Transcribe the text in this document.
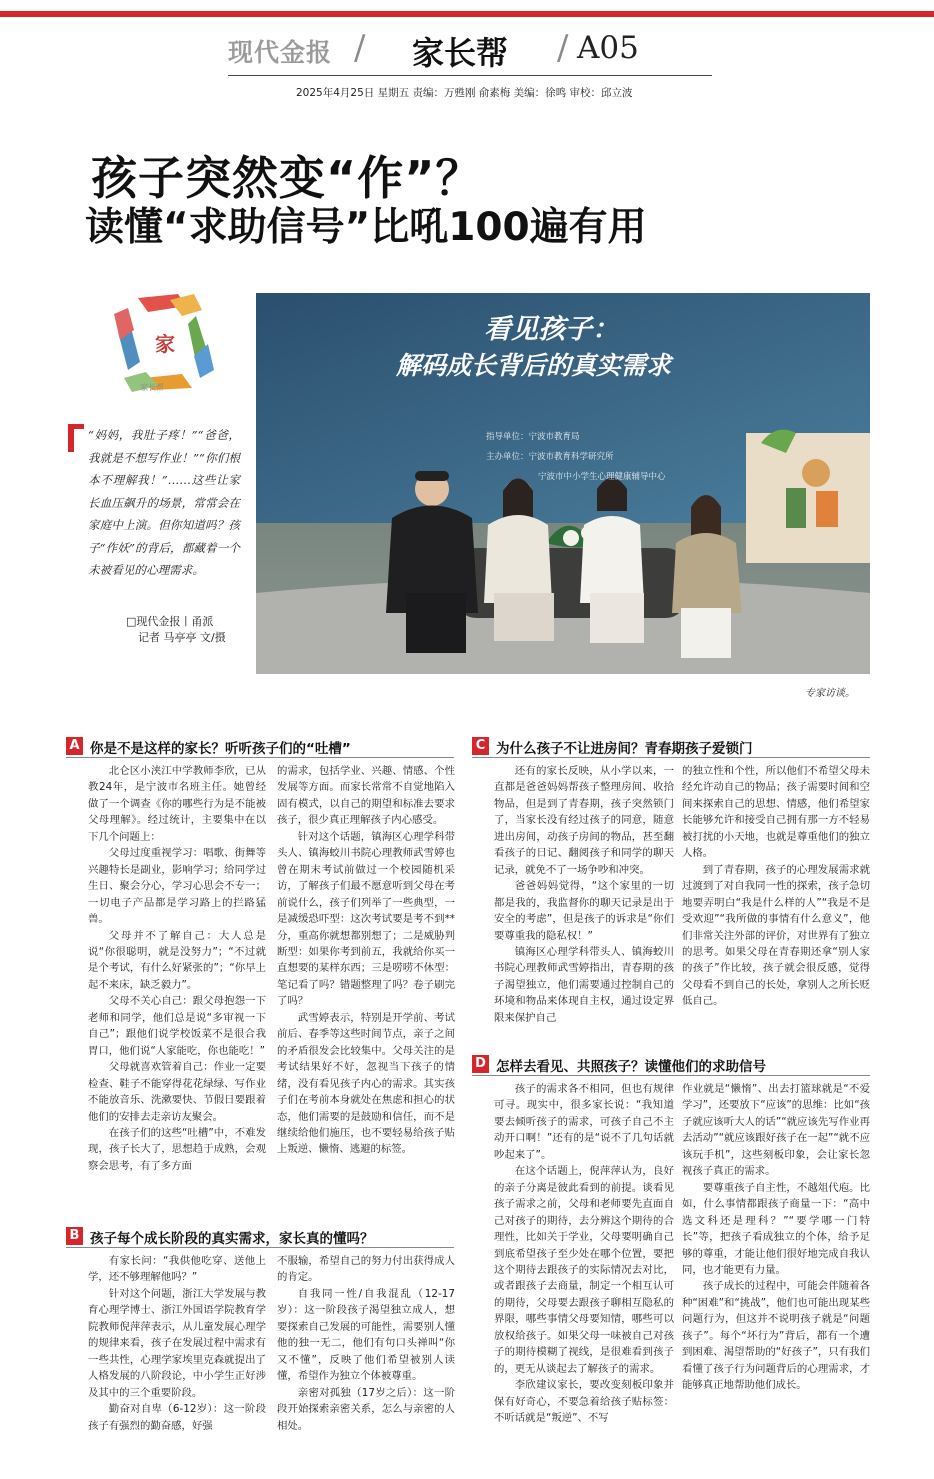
现代金报 / 家长帮 / A05
2025年4月25日 星期五 责编：万甦刚 俞素梅 美编：徐鸣 审校：邱立波
孩子突然变“作”？
读懂“求助信号”比吼100遍有用
家
家长帮
“妈妈，我肚子疼！”“爸爸，我就是不想写作业！”“你们根本不理解我！”……这些让家长血压飙升的场景，常常会在家庭中上演。但你知道吗？孩子“作妖”的背后，都藏着一个未被看见的心理需求。
□现代金报丨甬派
记者 马亭亭 文/摄
看见孩子：
解码成长背后的真实需求
指导单位：宁波市教育局
主办单位：宁波市教育科学研究所
宁波市中小学生心理健康辅导中心
专家访谈。
A 你是不是这样的家长？听听孩子们的“吐槽”

北仑区小浃江中学教师李欣，已从教24年，是宁波市名班主任。她曾经做了一个调查《你的哪些行为是不能被父母理解》。经过统计，主要集中在以下几个问题上：

父母过度重视学习：唱歌、街舞等兴趣特长是副业，影响学习；给同学过生日、聚会分心，学习心思会不专一；一切电子产品都是学习路上的拦路猛兽。

父母并不了解自己：大人总是说“你很聪明，就是没努力”；“不过就是个考试，有什么好紧张的”；“你早上起不来床，缺乏毅力”。

父母不关心自己：跟父母抱怨一下老师和同学，他们总是说“多审视一下自己”；跟他们说学校饭菜不是很合我胃口，他们说“人家能吃，你也能吃！”

父母就喜欢管着自己：作业一定要检查、鞋子不能穿得花花绿绿、写作业不能放音乐、洗漱要快、节假日要跟着他们的安排去走亲访友聚会。

在孩子们的这些“吐槽”中，不难发现，孩子长大了，思想趋于成熟，会观察会思考，有了多方面

的需求，包括学业、兴趣、情感、个性发展等方面。而家长常常不自觉地陷入固有模式，以自己的期望和标准去要求孩子，很少真正理解孩子内心感受。

针对这个话题，镇海区心理学科带头人、镇海蛟川书院心理教师武雪婷也曾在期末考试前做过一个校园随机采访，了解孩子们最不愿意听到父母在考前说什么，孩子们列举了一些典型，一是减缓恐吓型：这次考试要是考不到**分，重高你就想都别想了；二是威胁判断型：如果你考到前五，我就给你买一直想要的某样东西；三是唠唠不休型：笔记看了吗？错题整理了吗？卷子刷完了吗？

武雪婷表示，特别是开学前、考试前后、春季等这些时间节点，亲子之间的矛盾很发会比较集中。父母关注的是考试结果好不好，忽视当下孩子的情绪，没有看见孩子内心的需求。其实孩子们在考前本身就处在焦虑和担心的状态，他们需要的是鼓励和信任，而不是继续给他们施压，也不要轻易给孩子贴上叛逆、懒惰、逃避的标签。

B 孩子每个成长阶段的真实需求，家长真的懂吗？

有家长问：“我供他吃穿、送他上学，还不够理解他吗？”

针对这个问题，浙江大学发展与教育心理学博士、浙江外国语学院教育学院教师倪萍萍表示，从儿童发展心理学的规律来看，孩子在发展过程中需求有一些共性，心理学家埃里克森就提出了人格发展的八阶段论，中小学生正好涉及其中的三个重要阶段。

勤奋对自卑（6-12岁）：这一阶段孩子有强烈的勤奋感，好强

不服输，希望自己的努力付出获得成人的肯定。

自我同一性/自我混乱（12-17岁）：这一阶段孩子渴望独立成人，想要探索自己发展的可能性，需要别人懂他的独一无二，他们有句口头禅叫“你又不懂”，反映了他们希望被别人读懂，希望作为独立个体被尊重。

亲密对孤独（17岁之后）：这一阶段开始探索亲密关系，怎么与亲密的人相处。

C 为什么孩子不让进房间？青春期孩子爱锁门

还有的家长反映，从小学以来，一直都是爸爸妈妈帮孩子整理房间、收拾物品，但是到了青春期，孩子突然锁门了，当家长没有经过孩子的同意，随意进出房间，动孩子房间的物品，甚至翻看孩子的日记、翻阅孩子和同学的聊天记录，就免不了一场争吵和冲突。

爸爸妈妈觉得，“这个家里的一切都是我的，我监督你的聊天记录是出于安全的考虑”，但是孩子的诉求是“你们要尊重我的隐私权！”

镇海区心理学科带头人、镇海蛟川书院心理教师武雪婷指出，青春期的孩子渴望独立，他们需要通过控制自己的环境和物品来体现自主权，通过设定界限来保护自己

的独立性和个性，所以他们不希望父母未经允许动自己的物品；孩子需要时间和空间来探索自己的思想、情感，他们希望家长能够允许和接受自己拥有那一方不轻易被打扰的小天地，也就是尊重他们的独立人格。

到了青春期，孩子的心理发展需求就过渡到了对自我同一性的探索，孩子急切地要弄明白“我是什么样的人”“我是不是受欢迎”“我所做的事情有什么意义”，他们非常关注外部的评价，对世界有了独立的思考。如果父母在青春期还拿“别人家的孩子”作比较，孩子就会很反感，觉得父母看不到自己的长处，拿别人之所长贬低自己。

D 怎样去看见、共照孩子？读懂他们的求助信号

孩子的需求各不相同，但也有规律可寻。现实中，很多家长说：“我知道要去倾听孩子的需求，可孩子自己不主动开口啊！”还有的是“说不了几句话就吵起来了”。

在这个话题上，倪萍萍认为，良好的亲子分离是彼此看到的前提。谈看见孩子需求之前，父母和老师要先直面自己对孩子的期待，去分辨这个期待的合理性，比如关于学业，父母要明确自己到底希望孩子至少处在哪个位置，要把这个期待去跟孩子的实际情况去对比，或者跟孩子去商量，制定一个相互认可的期待，父母要去跟孩子聊相互隐私的界限，哪些事情父母要知情，哪些可以放权给孩子。如果父母一味被自己对孩子的期待模糊了视线，是很难看到孩子的，更无从谈起去了解孩子的需求。

李欣建议家长，要改变刻板印象并保有好奇心，不要急着给孩子贴标签：不听话就是“叛逆”、不写

作业就是“懒惰”、出去打篮球就是“不爱学习”，还要放下“应该”的思维：比如“孩子就应该听大人的话”“就应该先写作业再去活动”“就应该跟好孩子在一起”“就不应该玩手机”，这些刻板印象，会让家长忽视孩子真正的需求。

要尊重孩子自主性，不越俎代庖。比如，什么事情都跟孩子商量一下：“高中选文科还是理科？”“要学哪一门特长”等，把孩子看成独立的个体，给予足够的尊重，才能让他们很好地完成自我认同，也才能更有力量。

孩子成长的过程中，可能会伴随着各种“困难”和“挑战”，他们也可能出现某些问题行为，但这并不说明孩子就是“问题孩子”。每个“坏行为”背后，都有一个遭到困难、渴望帮助的“好孩子”，只有我们看懂了孩子行为问题背后的心理需求，才能够真正地帮助他们成长。
